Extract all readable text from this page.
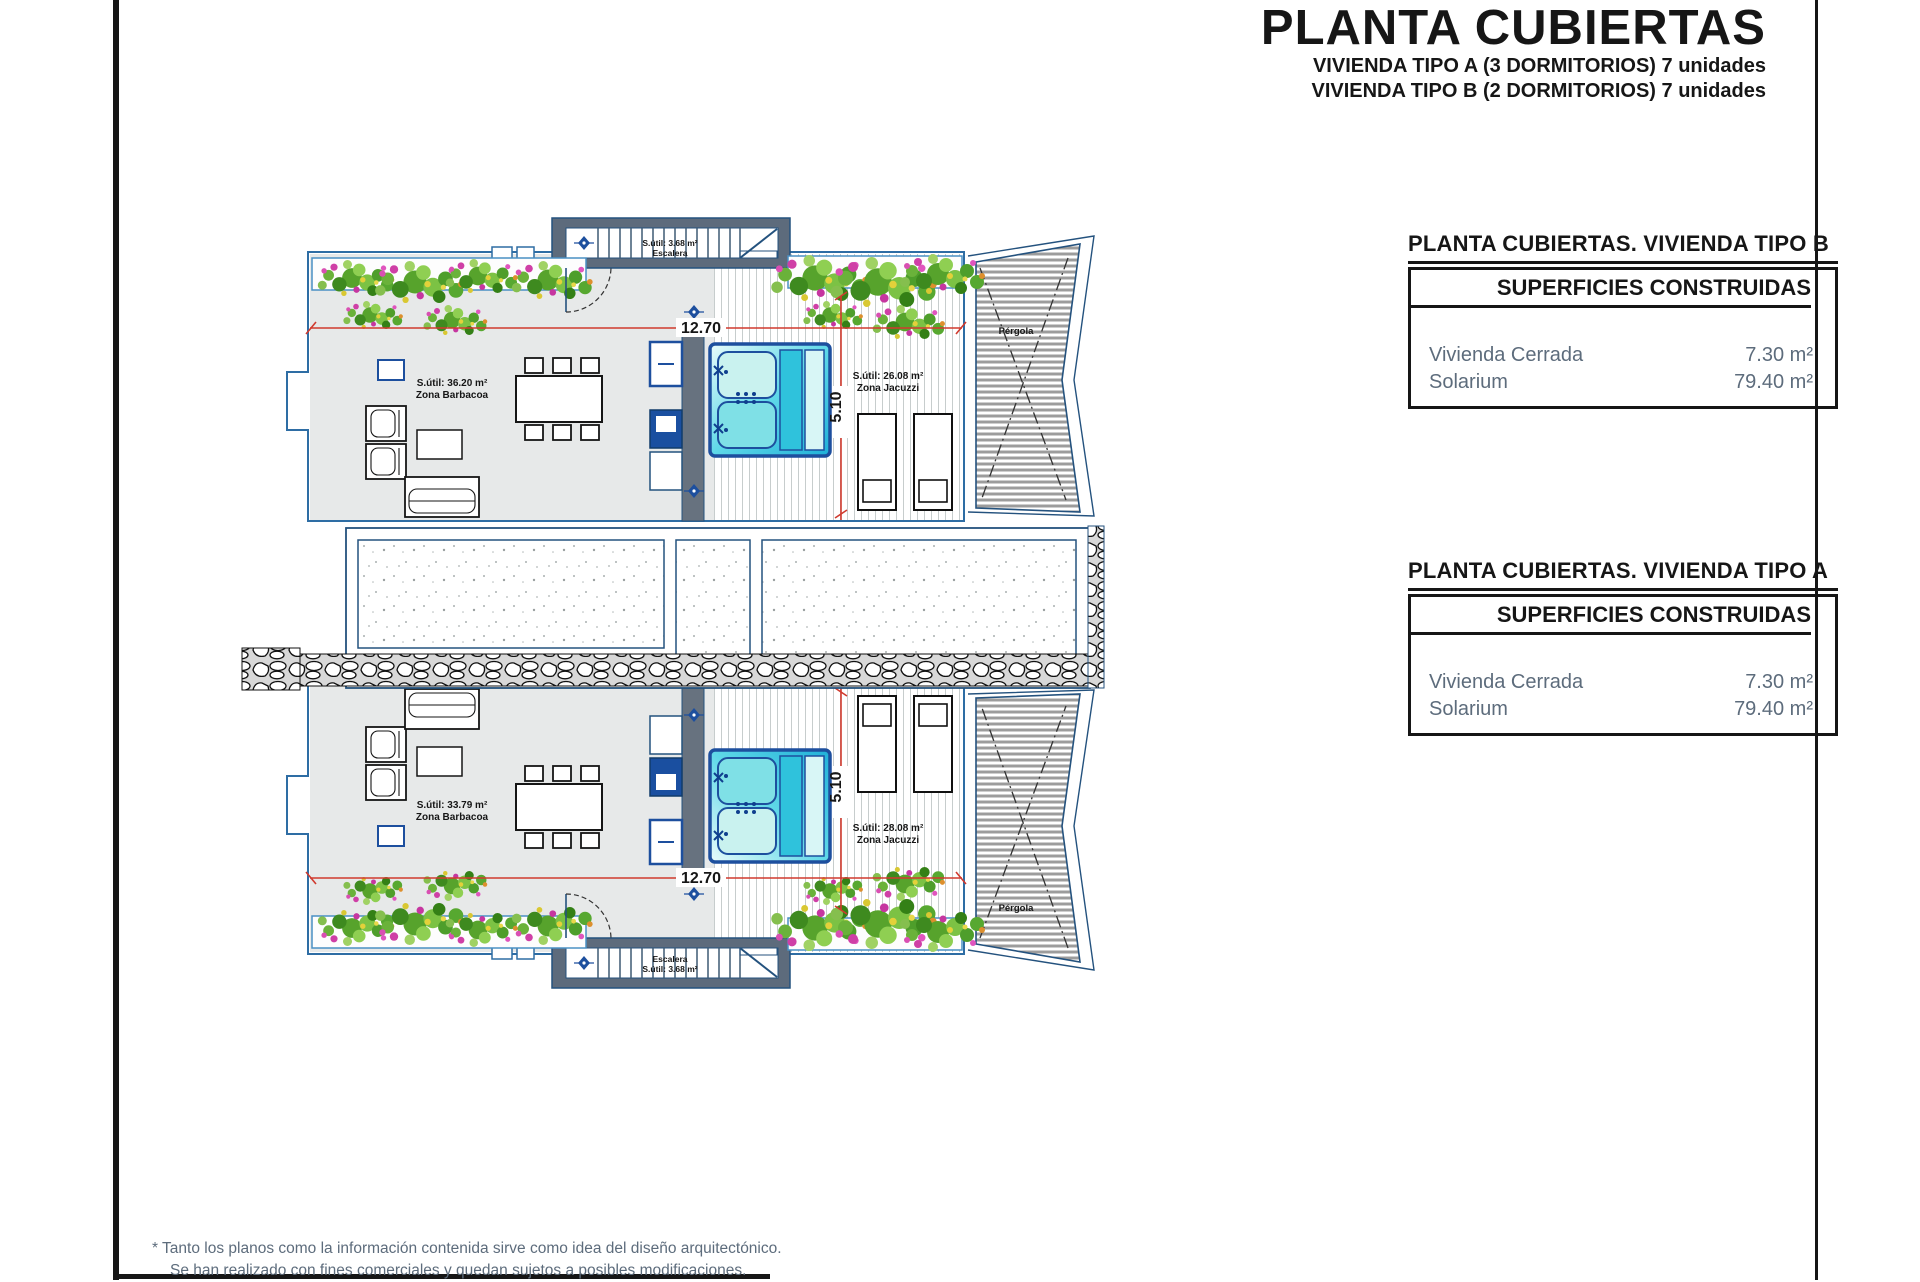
PLANTA CUBIERTAS
VIVIENDA TIPO A (3 DORMITORIOS) 7 unidades
VIVIENDA TIPO B (2 DORMITORIOS) 7 unidades
PLANTA CUBIERTAS. VIVIENDA TIPO B
SUPERFICIES CONSTRUIDAS
Vivienda Cerrada	7.30 m²
Solarium	79.40 m²
PLANTA CUBIERTAS. VIVIENDA TIPO A
SUPERFICIES CONSTRUIDAS
Vivienda Cerrada	7.30 m²
Solarium	79.40 m²
S.útil: 3.68 m²
Escalera
S.útil: 36.20 m²
Zona Barbacoa
S.útil: 26.08 m²
Zona Jacuzzi
Pérgola
12.70
5.10
Escalera
S.útil: 3.68 m²
S.útil: 33.79 m²
Zona Barbacoa
S.útil: 28.08 m²
Zona Jacuzzi
Pérgola
12.70
5.10
* Tanto los planos como la información contenida sirve como idea del diseño arquitectónico.
Se han realizado con fines comerciales y quedan sujetos a posibles modificaciones.
